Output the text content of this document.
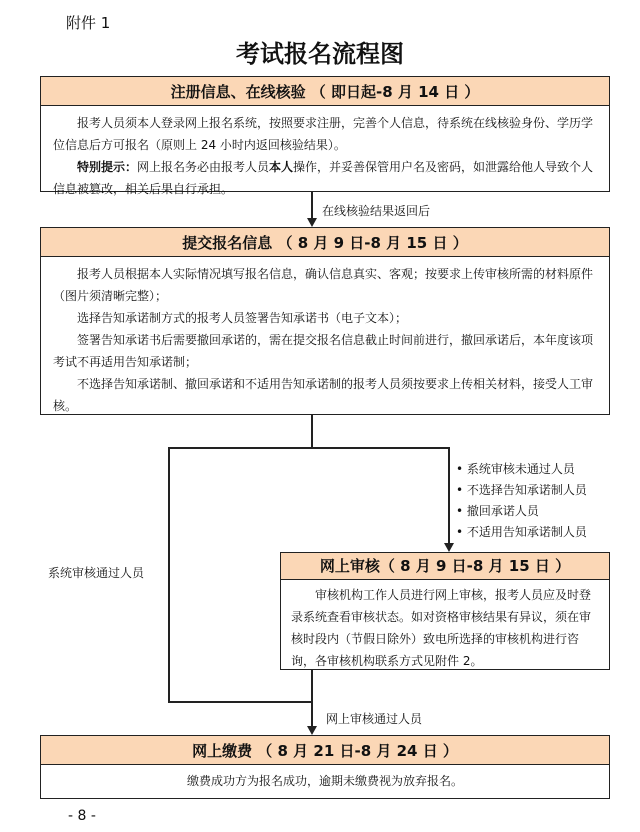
附件 1
考试报名流程图
注册信息、在线核验 （ 即日起-8 月 14 日 ）

报考人员须本人登录网上报名系统，按照要求注册，完善个人信息，待系统在线核验身份、学历学位信息后方可报名（原则上 24 小时内返回核验结果）。

特别提示：网上报名务必由报考人员本人操作，并妥善保管用户名及密码，如泄露给他人导致个人信息被篡改，相关后果自行承担。

在线核验结果返回后
提交报名信息 （ 8 月 9 日-8 月 15 日 ）

报考人员根据本人实际情况填写报名信息，确认信息真实、客观；按要求上传审核所需的材料原件（图片须清晰完整）；

选择告知承诺制方式的报考人员签署告知承诺书（电子文本）；

签署告知承诺书后需要撤回承诺的，需在提交报名信息截止时间前进行，撤回承诺后，本年度该项考试不再适用告知承诺制；

不选择告知承诺制、撤回承诺和不适用告知承诺制的报考人员须按要求上传相关材料，接受人工审核。

系统审核通过人员
• 系统审核未通过人员
• 不选择告知承诺制人员
• 撤回承诺人员
• 不适用告知承诺制人员
网上审核（ 8 月 9 日-8 月 15 日 ）

审核机构工作人员进行网上审核，报考人员应及时登录系统查看审核状态。如对资格审核结果有异议，须在审核时段内（节假日除外）致电所选择的审核机构进行咨询，各审核机构联系方式见附件 2。

网上审核通过人员
网上缴费 （ 8 月 21 日-8 月 24 日 ）
缴费成功方为报名成功，逾期未缴费视为放弃报名。
- 8 -
